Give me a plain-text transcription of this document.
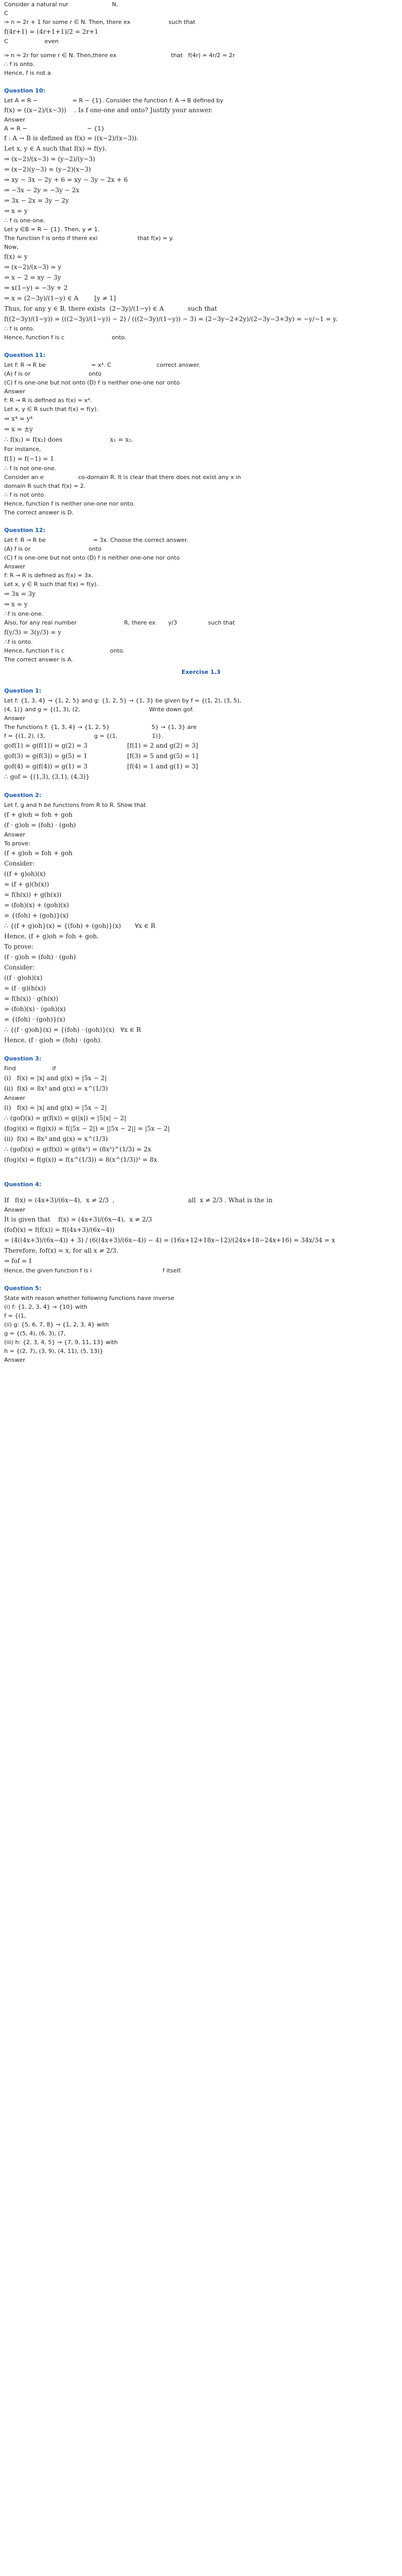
Consider a natural nur                        N.
C
⇒ n = 2r + 1 for some r ∈ N. Then, there ex                     such that
f(4r+1) = (4r+1+1)/2 = 2r+1
C                    even
⇒ n = 2r for some r ∈ N. Then,there ex                              that   f(4r) = 4r/2 = 2r
∴ f is onto.
Hence, f is not a
Question 10:
Let A = R −                   = R − {1}. Consider the function f: A → B defined by
f(x) = ((x−2)/(x−3))    . Is f one-one and onto? Justify your answer.
Answer
A = R −                                 − {1}
f : A → B is defined as f(x) = ((x−2)/(x−3)).
Let x, y ∈ A such that f(x) = f(y).
⇒ (x−2)/(x−3) = (y−2)/(y−3)
⇒ (x−2)(y−3) = (y−2)(x−3)
⇒ xy − 3x − 2y + 6 = xy − 3y − 2x + 6
⇒ −3x − 2y = −3y − 2x
⇒ 3x − 2x = 3y − 2y
⇒ x = y
∴ f is one-one.
Let y ∈B = R − {1}. Then, y ≠ 1.
The function f is onto if there exi                      that f(x) = y.
Now,
f(x) = y
⇒ (x−2)/(x−3) = y
⇒ x − 2 = xy − 3y
⇒ x(1−y) = −3y + 2
⇒ x = (2−3y)/(1−y) ∈ A        [y ≠ 1]
Thus, for any y ∈ B, there exists  (2−3y)/(1−y) ∈ A            such that
f((2−3y)/(1−y)) = (((2−3y)/(1−y)) − 2) / (((2−3y)/(1−y)) − 3) = (2−3y−2+2y)/(2−3y−3+3y) = −y/−1 = y.
∴ f is onto.
Hence, function f is c                          onto.
Question 11:
Let f: R → R be                         = x⁴. C                         correct answer.
(A) f is or                                onto
(C) f is one-one but not onto (D) f is neither one-one nor onto
Answer
f: R → R is defined as f(x) = x⁴.
Let x, y ∈ R such that f(x) = f(y).
⇒ x⁴ = y⁴
⇒ x = ±y
∴ f(x₁) = f(x₂) does                        x₁ = x₂.
For instance,
f(1) = f(−1) = 1
∴ f is not one-one.
Consider an e                   co-domain R. It is clear that there does not exist any x in
domain R such that f(x) = 2.
∴ f is not onto.
Hence, function f is neither one-one nor onto.
The correct answer is D.
Question 12:
Let f: R → R be                          = 3x. Choose the correct answer.
(A) f is or                                onto
(C) f is one-one but not onto (D) f is neither one-one nor onto
Answer
f: R → R is defined as f(x) = 3x.
Let x, y ∈ R such that f(x) = f(y).
⇒ 3x = 3y
⇒ x = y
∴f is one-one.
Also, for any real number                          R, there ex       y/3                 such that
f(y/3) = 3(y/3) = y
∴f is onto.
Hence, function f is c                         onto.
The correct answer is A.
Exercise 1.3
Question 1:
Let f: {1, 3, 4} → {1, 2, 5} and g: {1, 2, 5} → {1, 3} be given by f = {(1, 2), (3, 5),
(4, 1)} and g = {(1, 3), (2,                                      Write down gof.
Answer
The functions f: {1, 3, 4} → {1, 2, 5}                       5} → {1, 3} are
f = {(1, 2), (3,                           g = {(1,                   1)}.
gof(1) = g(f(1)) = g(2) = 3                    [f(1) = 2 and g(2) = 3]
gof(3) = g(f(3)) = g(5) = 1                    [f(3) = 5 and g(5) = 1]
gof(4) = g(f(4)) = g(1) = 3                    [f(4) = 1 and g(1) = 3]
∴ gof = {(1,3), (3,1), (4,3)}
Question 2:
Let f, g and h be functions from R to R. Show that
(f + g)oh = foh + goh
(f · g)oh = (foh) · (goh)
Answer
To prove:
(f + g)oh = foh + goh
Consider:
((f + g)oh)(x)
= (f + g)(h(x))
= f(h(x)) + g(h(x))
= (foh)(x) + (goh)(x)
= {(foh) + (goh)}(x)
∴ {(f + g)oh}(x) = {(foh) + (goh)}(x)       ∀x ∈ R
Hence, (f + g)oh = foh + goh.
To prove:
(f · g)oh = (foh) · (goh)
Consider:
((f · g)oh)(x)
= (f · g)(h(x))
= f(h(x)) · g(h(x))
= (foh)(x) · (goh)(x)
= {(foh) · (goh)}(x)
∴ {(f · g)oh}(x) = {(foh) · (goh)}(x)   ∀x ∈ R
Hence, (f · g)oh = (foh) · (goh).
Question 3:
Find                    if
(i)   f(x) = |x| and g(x) = |5x − 2|
(ii)  f(x) = 8x³ and g(x) = x^(1/3)
Answer
(i)   f(x) = |x| and g(x) = |5x − 2|
∴ (gof)(x) = g(f(x)) = g(|x|) = |5|x| − 2|
(fog)(x) = f(g(x)) = f(|5x − 2|) = ||5x − 2|| = |5x − 2|
(ii)  f(x) = 8x³ and g(x) = x^(1/3)
∴ (gof)(x) = g(f(x)) = g(8x³) = (8x³)^(1/3) = 2x
(fog)(x) = f(g(x)) = f(x^(1/3)) = 8(x^(1/3))³ = 8x
Question 4:
If   f(x) = (4x+3)/(6x−4),  x ≠ 2/3  ,                                     all  x ≠ 2/3 . What is the in
Answer
It is given that    f(x) = (4x+3)/(6x−4),  x ≠ 2/3
(fof)(x) = f(f(x)) = f((4x+3)/(6x−4))
= (4((4x+3)/(6x−4)) + 3) / (6((4x+3)/(6x−4)) − 4) = (16x+12+18x−12)/(24x+18−24x+16) = 34x/34 = x
Therefore, fof(x) = x, for all x ≠ 2/3.
⇒ fof = I
Hence, the given function f is i                                       f itself.
Question 5:
State with reason whether following functions have inverse
(i) f: {1, 2, 3, 4} → {10} with
f = {(1,
(ii) g: {5, 6, 7, 8} → {1, 2, 3, 4} with
g = {(5, 4), (6, 3), (7,
(iii) h: {2, 3, 4, 5} → {7, 9, 11, 13} with
h = {(2, 7), (3, 9), (4, 11), (5, 13)}
Answer
